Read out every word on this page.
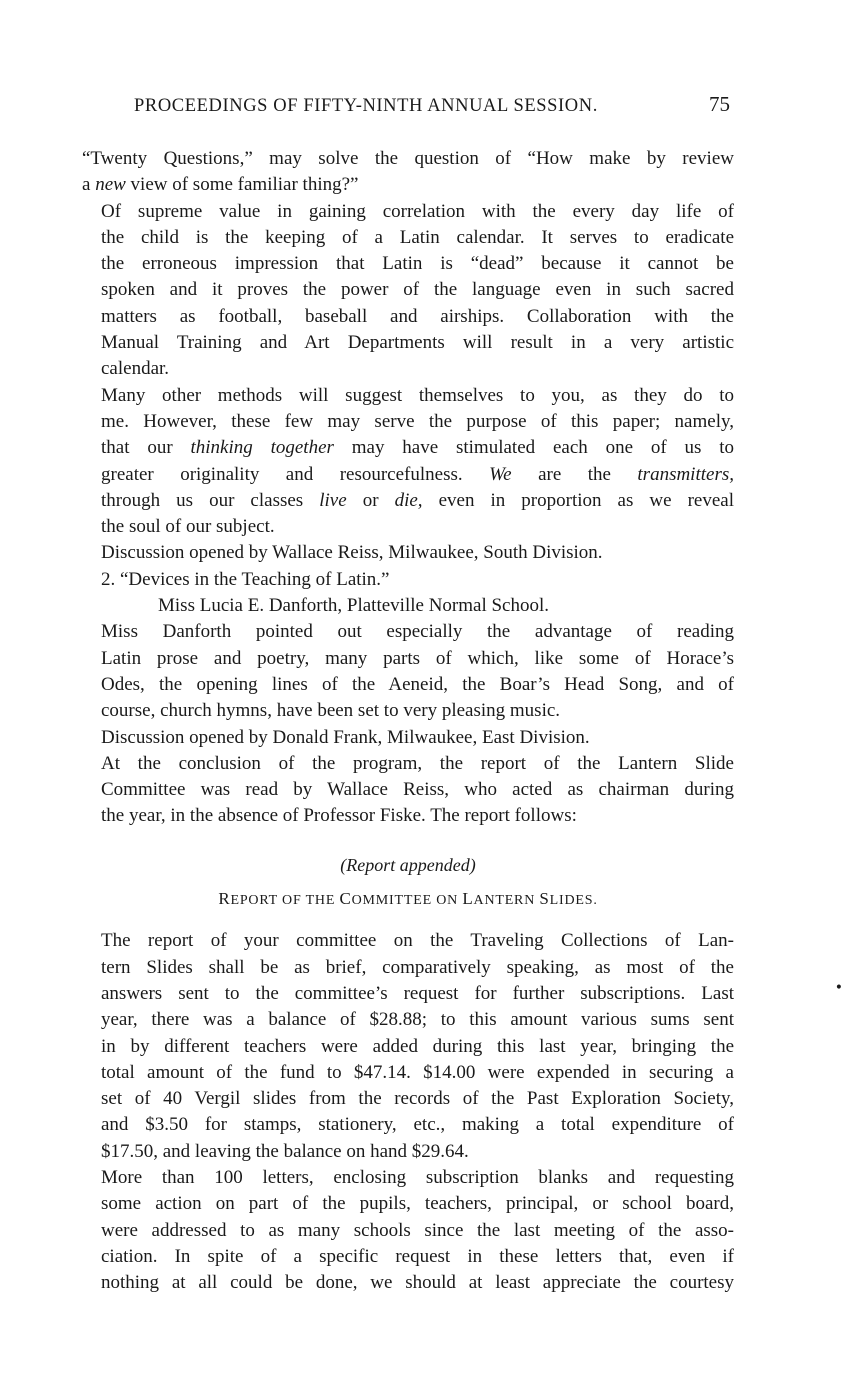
PROCEEDINGS OF FIFTY-NINTH ANNUAL SESSION.	75

“Twenty Questions,” may solve the question of “How make by review
a new view of some familiar thing?”

Of supreme value in gaining correlation with the every day life of
the child is the keeping of a Latin calendar. It serves to eradicate
the erroneous impression that Latin is “dead” because it cannot be
spoken and it proves the power of the language even in such sacred
matters as football, baseball and airships. Collaboration with the
Manual Training and Art Departments will result in a very artistic
calendar.

Many other methods will suggest themselves to you, as they do to
me. However, these few may serve the purpose of this paper; namely,
that our thinking together may have stimulated each one of us to
greater originality and resourcefulness. We are the transmitters,
through us our classes live or die, even in proportion as we reveal
the soul of our subject.

Discussion opened by Wallace Reiss, Milwaukee, South Division.

2. “Devices in the Teaching of Latin.”

Miss Lucia E. Danforth, Platteville Normal School.

Miss Danforth pointed out especially the advantage of reading
Latin prose and poetry, many parts of which, like some of Horace’s
Odes, the opening lines of the Aeneid, the Boar’s Head Song, and of
course, church hymns, have been set to very pleasing music.

Discussion opened by Donald Frank, Milwaukee, East Division.

At the conclusion of the program, the report of the Lantern Slide
Committee was read by Wallace Reiss, who acted as chairman during
the year, in the absence of Professor Fiske. The report follows:

(Report appended)
REPORT OF THE COMMITTEE ON LANTERN SLIDES.

The report of your committee on the Traveling Collections of Lan-
tern Slides shall be as brief, comparatively speaking, as most of the
answers sent to the committee’s request for further subscriptions. Last
year, there was a balance of $28.88; to this amount various sums sent
in by different teachers were added during this last year, bringing the
total amount of the fund to $47.14. $14.00 were expended in securing a
set of 40 Vergil slides from the records of the Past Exploration Society,
and $3.50 for stamps, stationery, etc., making a total expenditure of
$17.50, and leaving the balance on hand $29.64.

More than 100 letters, enclosing subscription blanks and requesting
some action on part of the pupils, teachers, principal, or school board,
were addressed to as many schools since the last meeting of the asso-
ciation. In spite of a specific request in these letters that, even if
nothing at all could be done, we should at least appreciate the courtesy

•
